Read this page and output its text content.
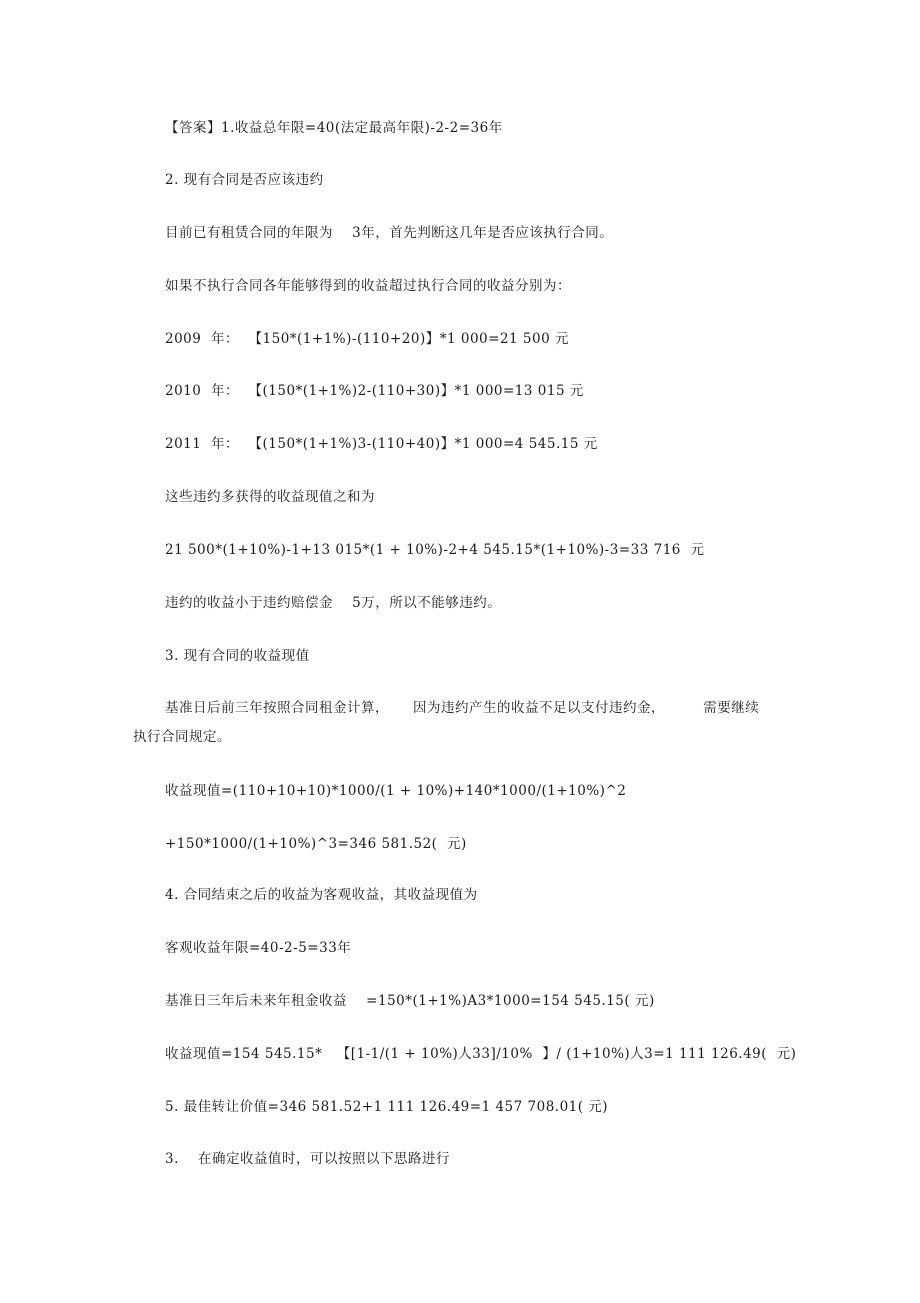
【答案】1.收益总年限=40(法定最高年限)-2-2=36年

2. 现有合同是否应该违约

目前已有租赁合同的年限为    3年，首先判断这几年是否应该执行合同。

如果不执行合同各年能够得到的收益超过执行合同的收益分别为：

2009  年：  【150*(1+1%)-(110+20)】*1 000=21 500 元

2010  年：  【(150*(1+1%)2-(110+30)】*1 000=13 015 元

2011  年：  【(150*(1+1%)3-(110+40)】*1 000=4 545.15 元

这些违约多获得的收益现值之和为

21 500*(1+10%)-1+13 015*(1 + 10%)-2+4 545.15*(1+10%)-3=33 716  元

违约的收益小于违约赔偿金    5万，所以不能够违约。

3. 现有合同的收益现值

基准日后前三年按照合同租金计算，     因为违约产生的收益不足以支付违约金，        需要继续

执行合同规定。

收益现值=(110+10+10)*1000/(1 + 10%)+140*1000/(1+10%)^2

+150*1000/(1+10%)^3=346 581.52(  元)

4. 合同结束之后的收益为客观收益，其收益现值为

客观收益年限=40-2-5=33年

基准日三年后未来年租金收益    =150*(1+1%)A3*1000=154 545.15( 元)

收益现值=154 545.15*   【[1-1/(1 + 10%)人33]/10%  】/ (1+10%)人3=1 111 126.49(  元)

5. 最佳转让价值=346 581.52+1 111 126.49=1 457 708.01( 元)

3.    在确定收益值时，可以按照以下思路进行
